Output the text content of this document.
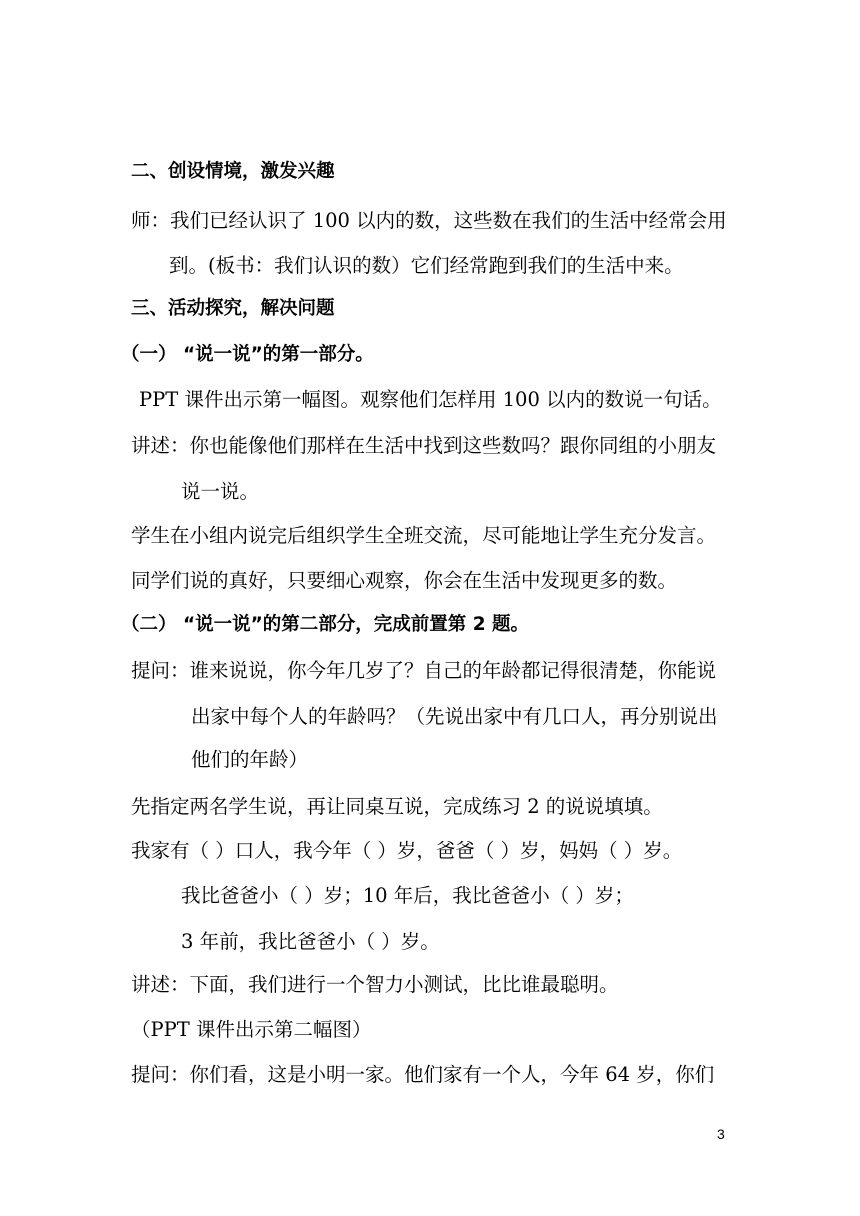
二、创设情境，激发兴趣
师：我们已经认识了 100 以内的数，这些数在我们的生活中经常会用
到。(板书：我们认识的数）它们经常跑到我们的生活中来。
三、活动探究，解决问题
（一） “说一说”的第一部分。
PPT 课件出示第一幅图。观察他们怎样用 100 以内的数说一句话。
讲述：你也能像他们那样在生活中找到这些数吗？跟你同组的小朋友
说一说。
学生在小组内说完后组织学生全班交流，尽可能地让学生充分发言。
同学们说的真好，只要细心观察，你会在生活中发现更多的数。
（二） “说一说”的第二部分，完成前置第 2 题。
提问：谁来说说，你今年几岁了？自己的年龄都记得很清楚，你能说
出家中每个人的年龄吗？（先说出家中有几口人，再分别说出
他们的年龄）
先指定两名学生说，再让同桌互说，完成练习 2 的说说填填。
我家有（ ）口人，我今年（ ）岁，爸爸（ ）岁，妈妈（ ）岁。
我比爸爸小（ ）岁；10 年后，我比爸爸小（ ）岁；
3 年前，我比爸爸小（ ）岁。
讲述：下面，我们进行一个智力小测试，比比谁最聪明。
（PPT 课件出示第二幅图）
提问：你们看，这是小明一家。他们家有一个人，今年 64 岁，你们
3
